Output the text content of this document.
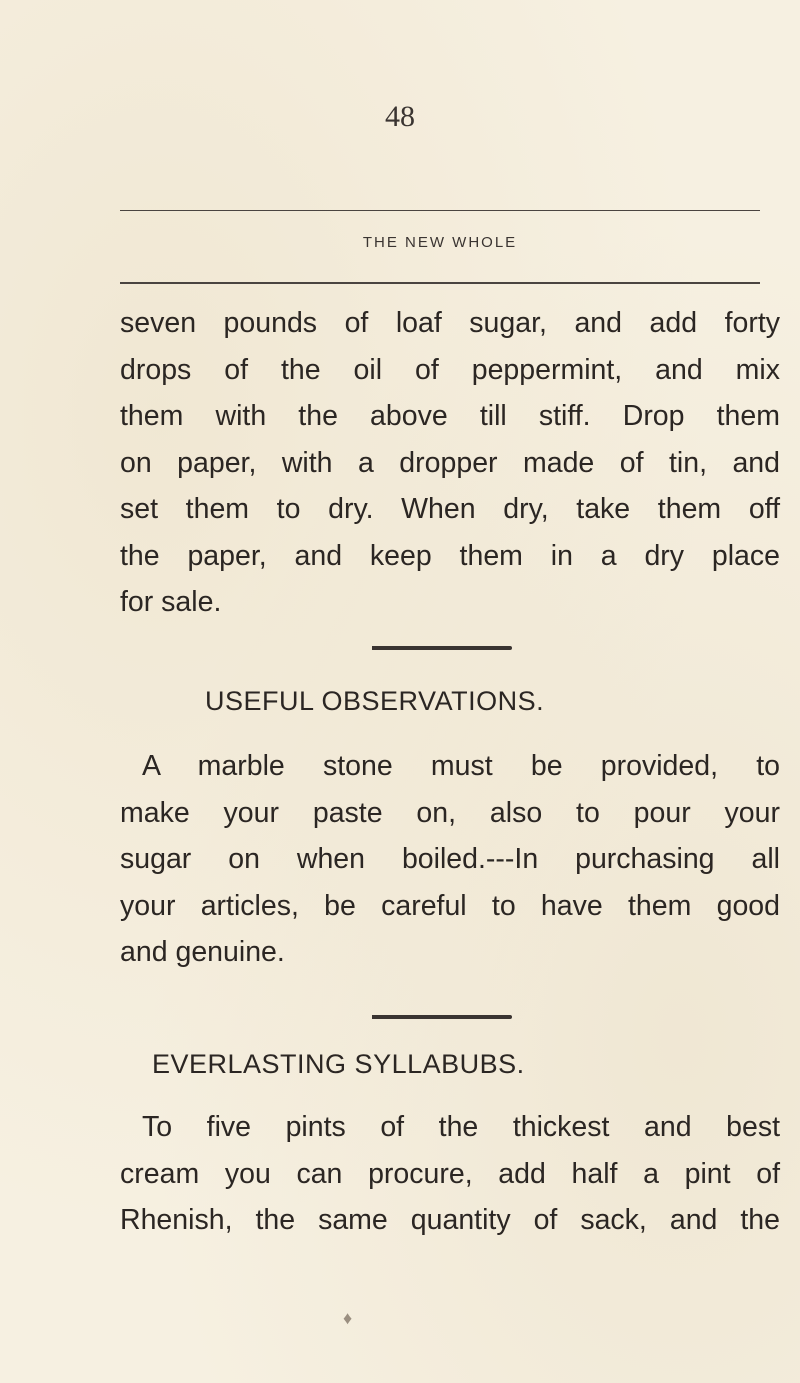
48
THE NEW WHOLE
seven pounds of loaf sugar, and add forty
drops of the oil of peppermint, and mix
them with the above till stiff. Drop them
on paper, with a dropper made of tin, and
set them to dry. When dry, take them off
the paper, and keep them in a dry place
for sale.
USEFUL OBSERVATIONS.
A marble stone must be provided, to
make your paste on, also to pour your
sugar on when boiled.---In purchasing all
your articles, be careful to have them good
and genuine.
EVERLASTING SYLLABUBS.
To five pints of the thickest and best
cream you can procure, add half a pint of
Rhenish, the same quantity of sack, and the
♦
